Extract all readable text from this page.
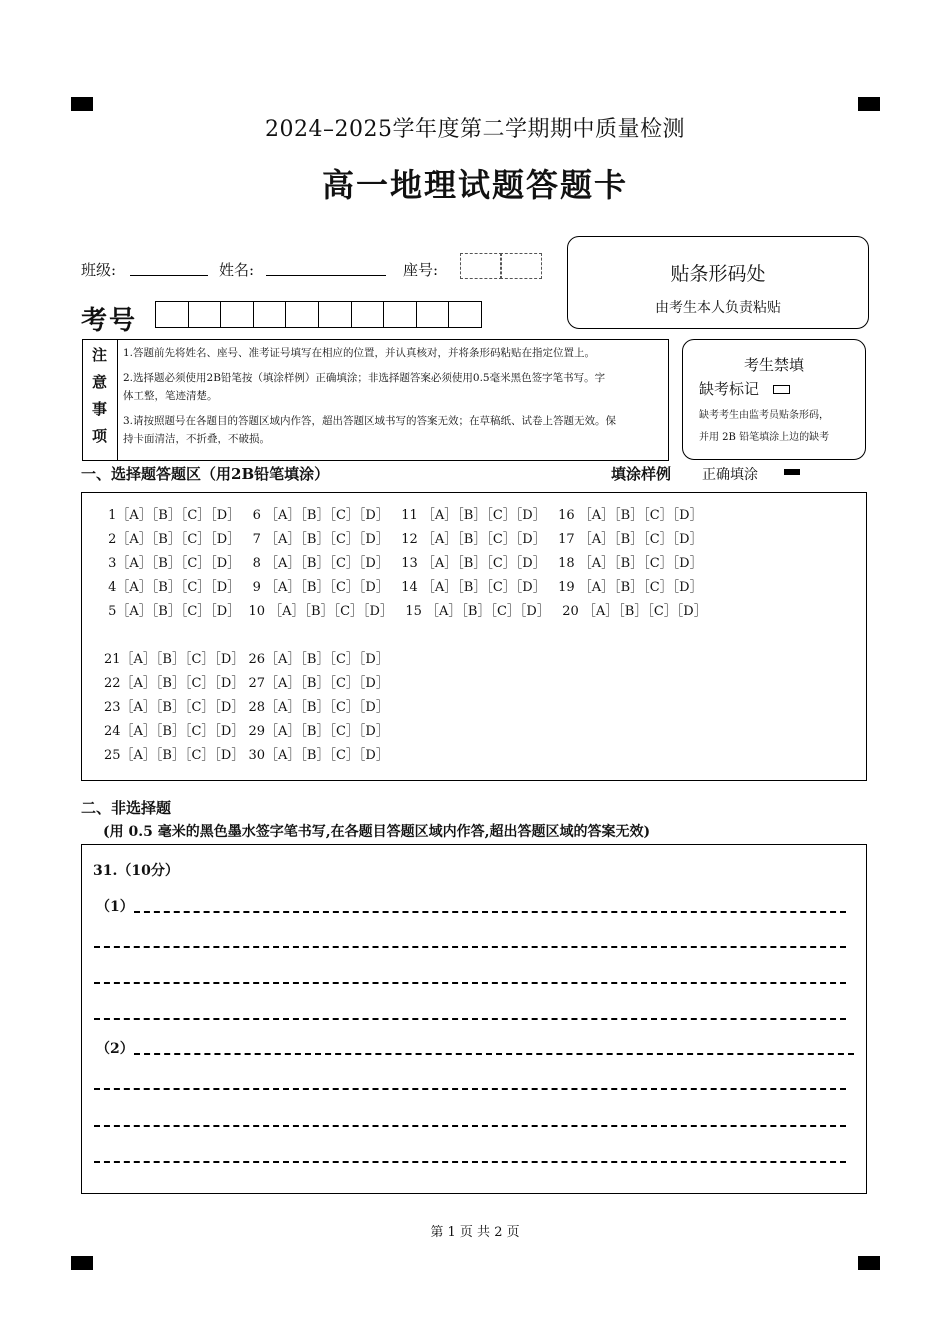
2024–2025学年度第二学期期中质量检测
高一地理试题答题卡
班级:	姓名:	座号:
考号
贴条形码处
由考生本人负责粘贴
注
意
事
项
1.答题前先将姓名、座号、准考证号填写在相应的位置，并认真核对，并将条形码粘贴在指定位置上。
2.选择题必须使用2B铅笔按（填涂样例）正确填涂；非选择题答案必须使用0.5毫米黑色签字笔书写。字
体工整，笔迹清楚。
3.请按照题号在各题目的答题区域内作答，超出答题区域书写的答案无效；在草稿纸、试卷上答题无效。保
持卡面清洁，不折叠，不破损。
考生禁填
缺考标记
缺考考生由监考员贴条形码，
并用 2B 铅笔填涂上边的缺考
一、选择题答题区（用2B铅笔填涂）	填涂样例 正确填涂
1［A］［B］［C］［D］   6 ［A］［B］［C］［D］   11 ［A］［B］［C］［D］   16 ［A］［B］［C］［D］
2［A］［B］［C］［D］   7 ［A］［B］［C］［D］   12 ［A］［B］［C］［D］   17 ［A］［B］［C］［D］
3［A］［B］［C］［D］   8 ［A］［B］［C］［D］   13 ［A］［B］［C］［D］   18 ［A］［B］［C］［D］
4［A］［B］［C］［D］   9 ［A］［B］［C］［D］   14 ［A］［B］［C］［D］   19 ［A］［B］［C］［D］
5［A］［B］［C］［D］  10 ［A］［B］［C］［D］   15 ［A］［B］［C］［D］   20 ［A］［B］［C］［D］
21［A］［B］［C］［D］ 26［A］［B］［C］［D］
22［A］［B］［C］［D］ 27［A］［B］［C］［D］
23［A］［B］［C］［D］ 28［A］［B］［C］［D］
24［A］［B］［C］［D］ 29［A］［B］［C］［D］
25［A］［B］［C］［D］ 30［A］［B］［C］［D］
二、非选择题
(用 0.5 毫米的黑色墨水签字笔书写,在各题目答题区域内作答,超出答题区域的答案无效)
31.（10分）
（1）
（2）
第 1 页 共 2 页
